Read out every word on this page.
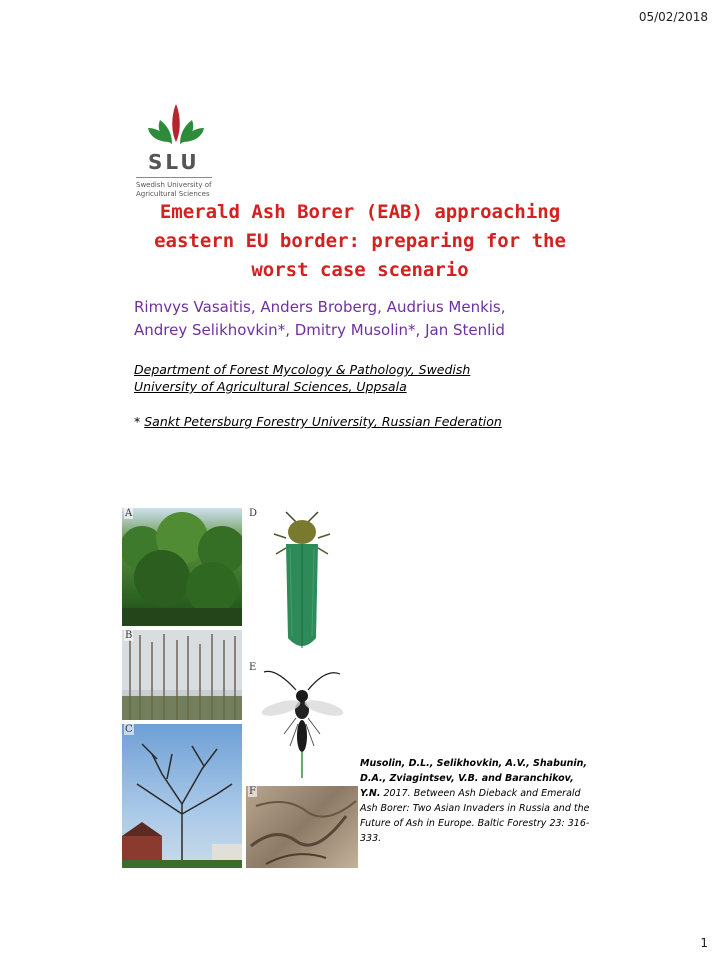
05/02/2018
SLU
Swedish University of
Agricultural Sciences
Emerald Ash Borer (EAB) approaching
eastern EU border: preparing for the
worst case scenario
Rimvys Vasaitis, Anders Broberg, Audrius Menkis,
Andrey Selikhovkin*, Dmitry Musolin*, Jan Stenlid
Department of Forest Mycology & Pathology, Swedish
University of Agricultural Sciences, Uppsala
* Sankt Petersburg Forestry University, Russian Federation
A
B
C
D
E
F
Musolin, D.L., Selikhovkin, A.V., Shabunin, D.A., Zviagintsev, V.B. and Baranchikov, Y.N. 2017. Between Ash Dieback and Emerald Ash Borer: Two Asian Invaders in Russia and the Future of Ash in Europe. Baltic Forestry 23: 316-333.
1
